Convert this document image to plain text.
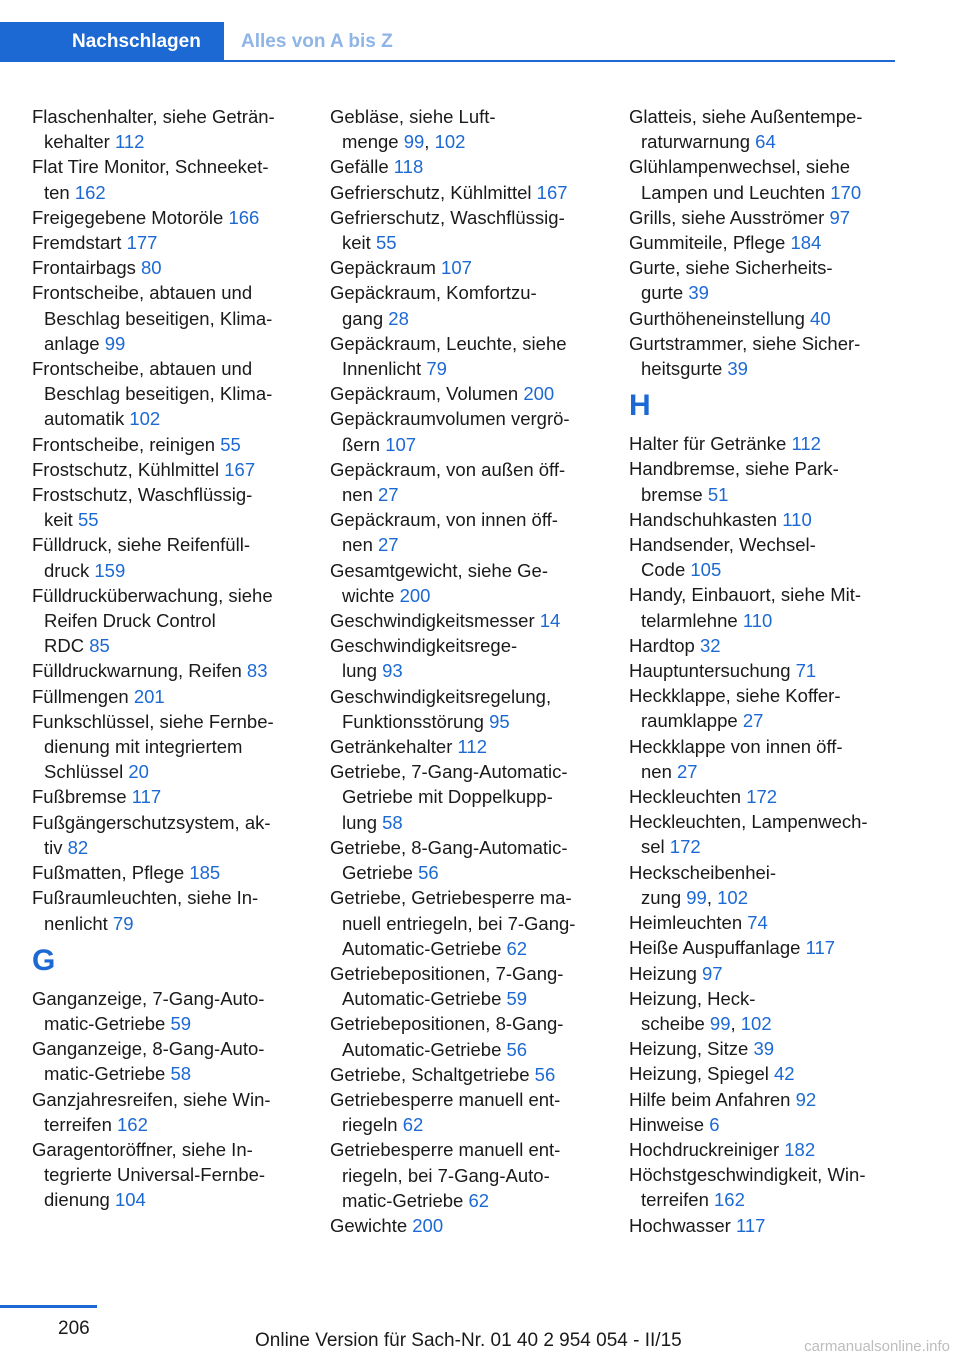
Nachschlagen	Alles von A bis Z
Flaschenhalter, siehe Geträn-
kehalter 112
Flat Tire Monitor, Schneeket-
ten 162
Freigegebene Motoröle 166
Fremdstart 177
Frontairbags 80
Frontscheibe, abtauen und
Beschlag beseitigen, Klima-
anlage 99
Frontscheibe, abtauen und
Beschlag beseitigen, Klima-
automatik 102
Frontscheibe, reinigen 55
Frostschutz, Kühlmittel 167
Frostschutz, Waschflüssig-
keit 55
Fülldruck, siehe Reifenfüll-
druck 159
Fülldrucküberwachung, siehe
Reifen Druck Control
RDC 85
Fülldruckwarnung, Reifen 83
Füllmengen 201
Funkschlüssel, siehe Fernbe-
dienung mit integriertem
Schlüssel 20
Fußbremse 117
Fußgängerschutzsystem, ak-
tiv 82
Fußmatten, Pflege 185
Fußraumleuchten, siehe In-
nenlicht 79
G
Ganganzeige, 7-Gang-Auto-
matic-Getriebe 59
Ganganzeige, 8-Gang-Auto-
matic-Getriebe 58
Ganzjahresreifen, siehe Win-
terreifen 162
Garagentoröffner, siehe In-
tegrierte Universal-Fernbe-
dienung 104
Gebläse, siehe Luft-
menge 99, 102
Gefälle 118
Gefrierschutz, Kühlmittel 167
Gefrierschutz, Waschflüssig-
keit 55
Gepäckraum 107
Gepäckraum, Komfortzu-
gang 28
Gepäckraum, Leuchte, siehe
Innenlicht 79
Gepäckraum, Volumen 200
Gepäckraumvolumen vergrö-
ßern 107
Gepäckraum, von außen öff-
nen 27
Gepäckraum, von innen öff-
nen 27
Gesamtgewicht, siehe Ge-
wichte 200
Geschwindigkeitsmesser 14
Geschwindigkeitsrege-
lung 93
Geschwindigkeitsregelung,
Funktionsstörung 95
Getränkehalter 112
Getriebe, 7-Gang-Automatic-
Getriebe mit Doppelkupp-
lung 58
Getriebe, 8-Gang-Automatic-
Getriebe 56
Getriebe, Getriebesperre ma-
nuell entriegeln, bei 7-Gang-
Automatic-Getriebe 62
Getriebepositionen, 7-Gang-
Automatic-Getriebe 59
Getriebepositionen, 8-Gang-
Automatic-Getriebe 56
Getriebe, Schaltgetriebe 56
Getriebesperre manuell ent-
riegeln 62
Getriebesperre manuell ent-
riegeln, bei 7-Gang-Auto-
matic-Getriebe 62
Gewichte 200
Glatteis, siehe Außentempe-
raturwarnung 64
Glühlampenwechsel, siehe
Lampen und Leuchten 170
Grills, siehe Ausströmer 97
Gummiteile, Pflege 184
Gurte, siehe Sicherheits-
gurte 39
Gurthöheneinstellung 40
Gurtstrammer, siehe Sicher-
heitsgurte 39
H
Halter für Getränke 112
Handbremse, siehe Park-
bremse 51
Handschuhkasten 110
Handsender, Wechsel-
Code 105
Handy, Einbauort, siehe Mit-
telarmlehne 110
Hardtop 32
Hauptuntersuchung 71
Heckklappe, siehe Koffer-
raumklappe 27
Heckklappe von innen öff-
nen 27
Heckleuchten 172
Heckleuchten, Lampenwech-
sel 172
Heckscheibenhei-
zung 99, 102
Heimleuchten 74
Heiße Auspuffanlage 117
Heizung 97
Heizung, Heck-
scheibe 99, 102
Heizung, Sitze 39
Heizung, Spiegel 42
Hilfe beim Anfahren 92
Hinweise 6
Hochdruckreiniger 182
Höchstgeschwindigkeit, Win-
terreifen 162
Hochwasser 117
206
Online Version für Sach-Nr. 01 40 2 954 054 - II/15	carmanualsonline.info
